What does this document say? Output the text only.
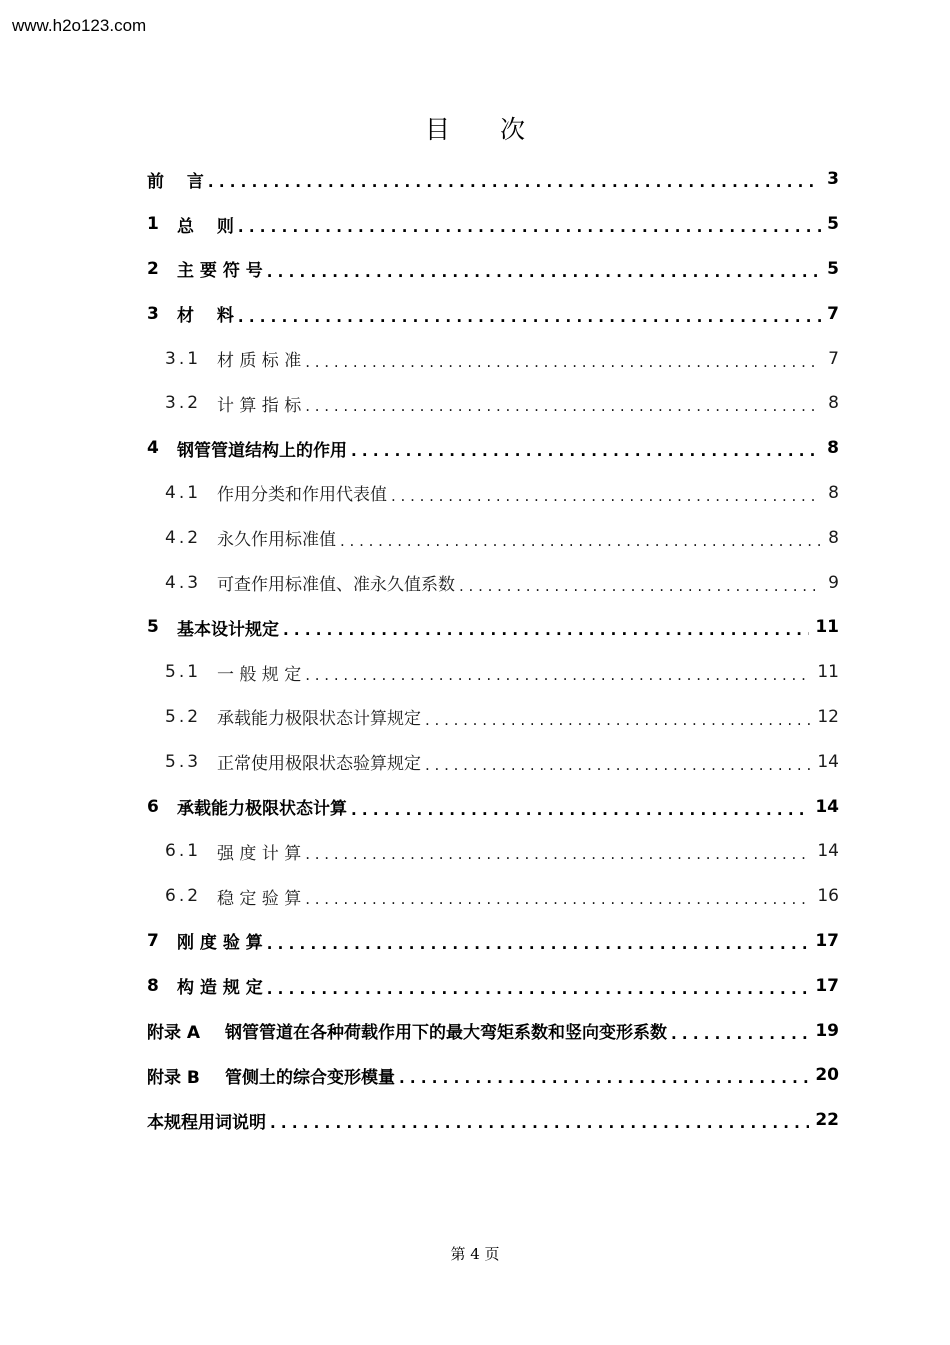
www.h2o123.com
目　　次
前　 言 . . .	3
1	总　 则 . . .	5
2	主 要 符 号 . . .	5
3	材　 料 . . .	7
3.1 材 质 标 准 . . .	7
3.2 计 算 指 标 . . .	8
4	钢管管道结构上的作用 . . .	8
4.1 作用分类和作用代表值 . . .	8
4.2 永久作用标准值 . . .	8
4.3 可查作用标准值、准永久值系数 . . .	9
5	基本设计规定 . . .	11
5.1 一 般 规 定 . . .	11
5.2 承载能力极限状态计算规定 . . .	12
5.3 正常使用极限状态验算规定 . . .	14
6	承载能力极限状态计算 . . .	14
6.1 强 度 计 算 . . .	14
6.2 稳 定 验 算 . . .	16
7	刚 度 验 算 . . .	17
8	构 造 规 定 . . .	17
附录 A	钢管管道在各种荷载作用下的最大弯矩系数和竖向变形系数 . . .	19
附录 B	管侧土的综合变形模量 . . .	20
本规程用词说明 . . .	22
第 4 页
